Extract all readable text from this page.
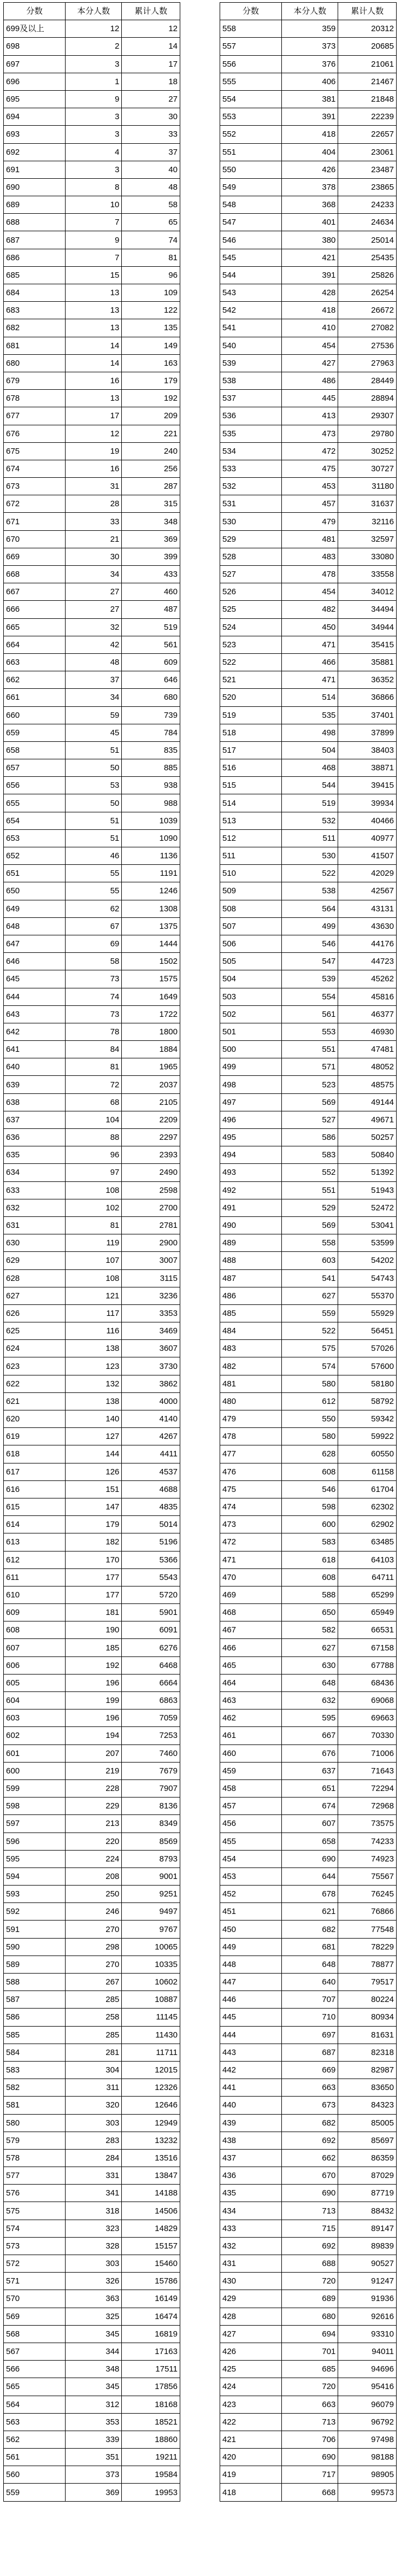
分数	本分人数	累计人数
699及以上	12	12
698	2	14
697	3	17
696	1	18
695	9	27
694	3	30
693	3	33
692	4	37
691	3	40
690	8	48
689	10	58
688	7	65
687	9	74
686	7	81
685	15	96
684	13	109
683	13	122
682	13	135
681	14	149
680	14	163
679	16	179
678	13	192
677	17	209
676	12	221
675	19	240
674	16	256
673	31	287
672	28	315
671	33	348
670	21	369
669	30	399
668	34	433
667	27	460
666	27	487
665	32	519
664	42	561
663	48	609
662	37	646
661	34	680
660	59	739
659	45	784
658	51	835
657	50	885
656	53	938
655	50	988
654	51	1039
653	51	1090
652	46	1136
651	55	1191
650	55	1246
649	62	1308
648	67	1375
647	69	1444
646	58	1502
645	73	1575
644	74	1649
643	73	1722
642	78	1800
641	84	1884
640	81	1965
639	72	2037
638	68	2105
637	104	2209
636	88	2297
635	96	2393
634	97	2490
633	108	2598
632	102	2700
631	81	2781
630	119	2900
629	107	3007
628	108	3115
627	121	3236
626	117	3353
625	116	3469
624	138	3607
623	123	3730
622	132	3862
621	138	4000
620	140	4140
619	127	4267
618	144	4411
617	126	4537
616	151	4688
615	147	4835
614	179	5014
613	182	5196
612	170	5366
611	177	5543
610	177	5720
609	181	5901
608	190	6091
607	185	6276
606	192	6468
605	196	6664
604	199	6863
603	196	7059
602	194	7253
601	207	7460
600	219	7679
599	228	7907
598	229	8136
597	213	8349
596	220	8569
595	224	8793
594	208	9001
593	250	9251
592	246	9497
591	270	9767
590	298	10065
589	270	10335
588	267	10602
587	285	10887
586	258	11145
585	285	11430
584	281	11711
583	304	12015
582	311	12326
581	320	12646
580	303	12949
579	283	13232
578	284	13516
577	331	13847
576	341	14188
575	318	14506
574	323	14829
573	328	15157
572	303	15460
571	326	15786
570	363	16149
569	325	16474
568	345	16819
567	344	17163
566	348	17511
565	345	17856
564	312	18168
563	353	18521
562	339	18860
561	351	19211
560	373	19584
559	369	19953
分数	本分人数	累计人数
558	359	20312
557	373	20685
556	376	21061
555	406	21467
554	381	21848
553	391	22239
552	418	22657
551	404	23061
550	426	23487
549	378	23865
548	368	24233
547	401	24634
546	380	25014
545	421	25435
544	391	25826
543	428	26254
542	418	26672
541	410	27082
540	454	27536
539	427	27963
538	486	28449
537	445	28894
536	413	29307
535	473	29780
534	472	30252
533	475	30727
532	453	31180
531	457	31637
530	479	32116
529	481	32597
528	483	33080
527	478	33558
526	454	34012
525	482	34494
524	450	34944
523	471	35415
522	466	35881
521	471	36352
520	514	36866
519	535	37401
518	498	37899
517	504	38403
516	468	38871
515	544	39415
514	519	39934
513	532	40466
512	511	40977
511	530	41507
510	522	42029
509	538	42567
508	564	43131
507	499	43630
506	546	44176
505	547	44723
504	539	45262
503	554	45816
502	561	46377
501	553	46930
500	551	47481
499	571	48052
498	523	48575
497	569	49144
496	527	49671
495	586	50257
494	583	50840
493	552	51392
492	551	51943
491	529	52472
490	569	53041
489	558	53599
488	603	54202
487	541	54743
486	627	55370
485	559	55929
484	522	56451
483	575	57026
482	574	57600
481	580	58180
480	612	58792
479	550	59342
478	580	59922
477	628	60550
476	608	61158
475	546	61704
474	598	62302
473	600	62902
472	583	63485
471	618	64103
470	608	64711
469	588	65299
468	650	65949
467	582	66531
466	627	67158
465	630	67788
464	648	68436
463	632	69068
462	595	69663
461	667	70330
460	676	71006
459	637	71643
458	651	72294
457	674	72968
456	607	73575
455	658	74233
454	690	74923
453	644	75567
452	678	76245
451	621	76866
450	682	77548
449	681	78229
448	648	78877
447	640	79517
446	707	80224
445	710	80934
444	697	81631
443	687	82318
442	669	82987
441	663	83650
440	673	84323
439	682	85005
438	692	85697
437	662	86359
436	670	87029
435	690	87719
434	713	88432
433	715	89147
432	692	89839
431	688	90527
430	720	91247
429	689	91936
428	680	92616
427	694	93310
426	701	94011
425	685	94696
424	720	95416
423	663	96079
422	713	96792
421	706	97498
420	690	98188
419	717	98905
418	668	99573
